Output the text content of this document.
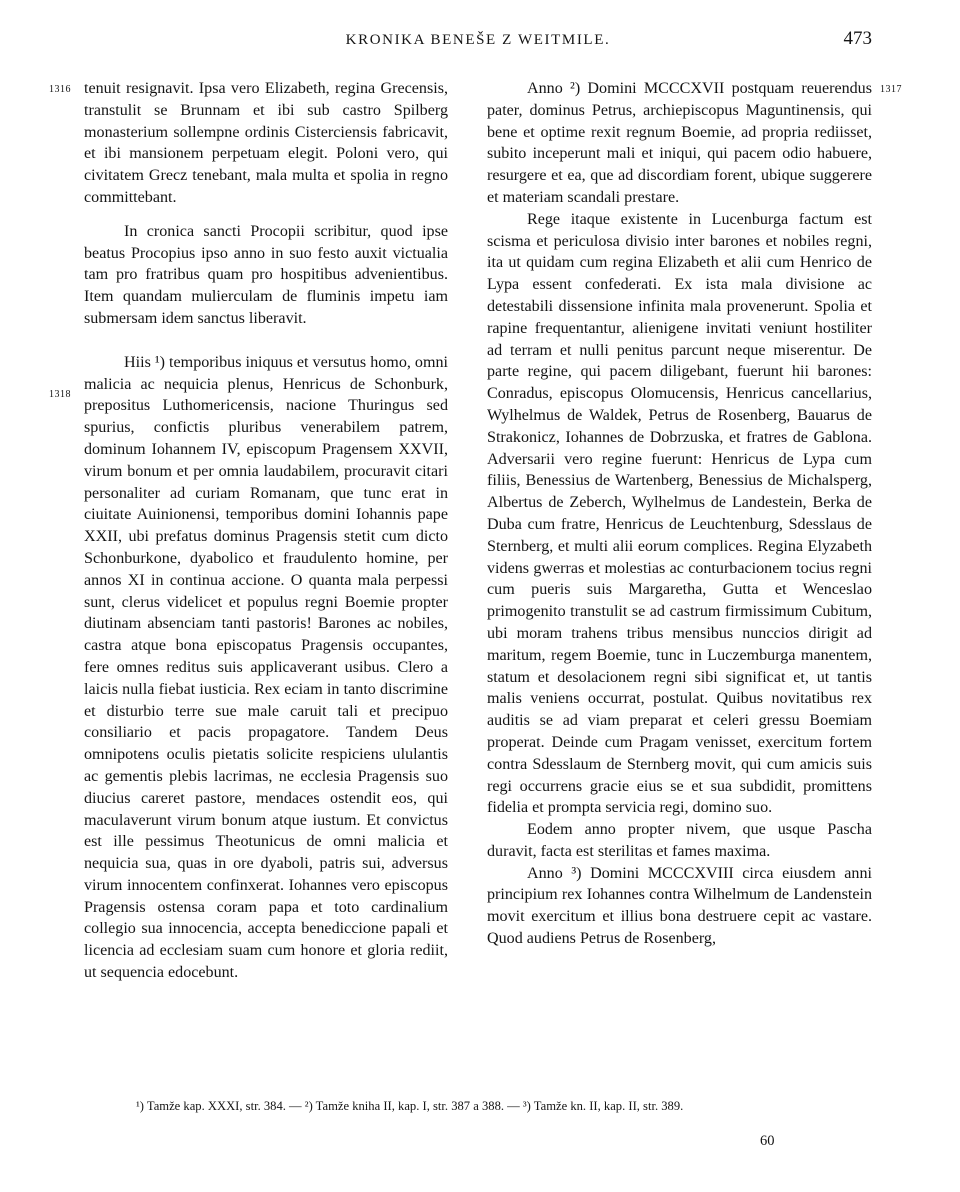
KRONIKA BENEŠE Z WEITMILE.	473
1316
1318
1317

tenuit resignavit. Ipsa vero Elizabeth, regina Grecensis, transtulit se Brunnam et ibi sub castro Spilberg monasterium sollempne ordinis Cisterciensis fabricavit, et ibi mansionem perpetuam elegit. Poloni vero, qui civitatem Grecz tenebant, mala multa et spolia in regno committebant.

In cronica sancti Procopii scribitur, quod ipse beatus Procopius ipso anno in suo festo auxit victualia tam pro fratribus quam pro hospitibus advenientibus. Item quandam mulierculam de fluminis impetu iam submersam idem sanctus liberavit.

Hiis ¹) temporibus iniquus et versutus homo, omni malicia ac nequicia plenus, Henricus de Schonburk, prepositus Luthomericensis, nacione Thuringus sed spurius, confictis pluribus venerabilem patrem, dominum Iohannem IV, episcopum Pragensem XXVII, virum bonum et per omnia laudabilem, procuravit citari personaliter ad curiam Romanam, que tunc erat in ciuitate Auinionensi, temporibus domini Iohannis pape XXII, ubi prefatus dominus Pragensis stetit cum dicto Schonburkone, dyabolico et fraudulento homine, per annos XI in continua accione. O quanta mala perpessi sunt, clerus videlicet et populus regni Boemie propter diutinam absenciam tanti pastoris! Barones ac nobiles, castra atque bona episcopatus Pragensis occupantes, fere omnes reditus suis applicaverant usibus. Clero a laicis nulla fiebat iusticia. Rex eciam in tanto discrimine et disturbio terre sue male caruit tali et precipuo consiliario et pacis propagatore. Tandem Deus omnipotens oculis pietatis solicite respiciens ululantis ac gementis plebis lacrimas, ne ecclesia Pragensis suo diucius careret pastore, mendaces ostendit eos, qui maculaverunt virum bonum atque iustum. Et convictus est ille pessimus Theotunicus de omni malicia et nequicia sua, quas in ore dyaboli, patris sui, adversus virum innocentem confinxerat. Iohannes vero episcopus Pragensis ostensa coram papa et toto cardinalium collegio sua innocencia, accepta benediccione papali et licencia ad ecclesiam suam cum honore et gloria rediit, ut sequencia edocebunt.

Anno ²) Domini MCCCXVII postquam reuerendus pater, dominus Petrus, archiepiscopus Maguntinensis, qui bene et optime rexit regnum Boemie, ad propria rediisset, subito inceperunt mali et iniqui, qui pacem odio habuere, resurgere et ea, que ad discordiam forent, ubique suggerere et materiam scandali prestare.

Rege itaque existente in Lucenburga factum est scisma et periculosa divisio inter barones et nobiles regni, ita ut quidam cum regina Elizabeth et alii cum Henrico de Lypa essent confederati. Ex ista mala divisione ac detestabili dissensione infinita mala provenerunt. Spolia et rapine frequentantur, alienigene invitati veniunt hostiliter ad terram et nulli penitus parcunt neque miserentur. De parte regine, qui pacem diligebant, fuerunt hii barones: Conradus, episcopus Olomucensis, Henricus cancellarius, Wylhelmus de Waldek, Petrus de Rosenberg, Bauarus de Strakonicz, Iohannes de Dobrzuska, et fratres de Gablona. Adversarii vero regine fuerunt: Henricus de Lypa cum filiis, Benessius de Wartenberg, Benessius de Michalsperg, Albertus de Zeberch, Wylhelmus de Landestein, Berka de Duba cum fratre, Henricus de Leuchtenburg, Sdesslaus de Sternberg, et multi alii eorum complices. Regina Elyzabeth videns gwerras et molestias ac conturbacionem tocius regni cum pueris suis Margaretha, Gutta et Wenceslao primogenito transtulit se ad castrum firmissimum Cubitum, ubi moram trahens tribus mensibus nunccios dirigit ad maritum, regem Boemie, tunc in Luczemburga manentem, statum et desolacionem regni sibi significat et, ut tantis malis veniens occurrat, postulat. Quibus novitatibus rex auditis se ad viam preparat et celeri gressu Boemiam properat. Deinde cum Pragam venisset, exercitum fortem contra Sdesslaum de Sternberg movit, qui cum amicis suis regi occurrens gracie eius se et sua subdidit, promittens fidelia et prompta servicia regi, domino suo.

Eodem anno propter nivem, que usque Pascha duravit, facta est sterilitas et fames maxima.

Anno ³) Domini MCCCXVIII circa eiusdem anni principium rex Iohannes contra Wilhelmum de Landenstein movit exercitum et illius bona destruere cepit ac vastare. Quod audiens Petrus de Rosenberg,

¹) Tamže kap. XXXI, str. 384. — ²) Tamže kniha II, kap. I, str. 387 a 388. — ³) Tamže kn. II, kap. II, str. 389.

60
